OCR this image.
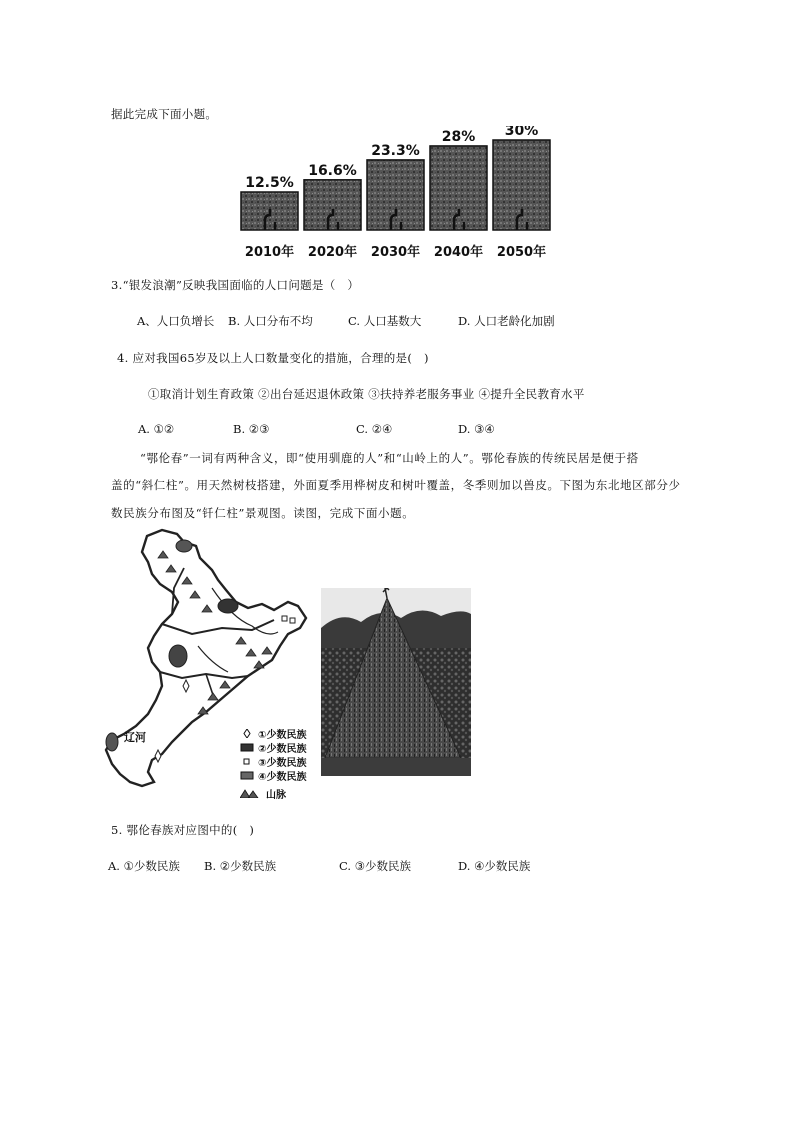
据此完成下面小题。
12.5%
2010年
16.6%
2020年
23.3%
2030年
28%
2040年
30%
2050年
3.“银发浪潮”反映我国面临的人口问题是（　）
A、人口负增长 B. 人口分布不均	C. 人口基数大	D. 人口老龄化加剧
4. 应对我国65岁及以上人口数量变化的措施，合理的是(　)
①取消计划生育政策 ②出台延迟退休政策 ③扶持养老服务事业 ④提升全民教育水平
A. ①②	B. ②③	C. ②④	D. ③④
“鄂伦春”一词有两种含义，即“使用驯鹿的人”和“山岭上的人”。鄂伦春族的传统民居是便于搭
盖的“斜仁柱”。用天然树枝搭建，外面夏季用桦树皮和树叶覆盖，冬季则加以兽皮。下图为东北地区部分少
数民族分布图及“钎仁柱”景观图。读图，完成下面小题。
辽河	①少数民族
②少数民族
③少数民族
④少数民族
山脉
5. 鄂伦春族对应图中的(　)
A. ①少数民族 B. ②少数民族	C. ③少数民族	D. ④少数民族
